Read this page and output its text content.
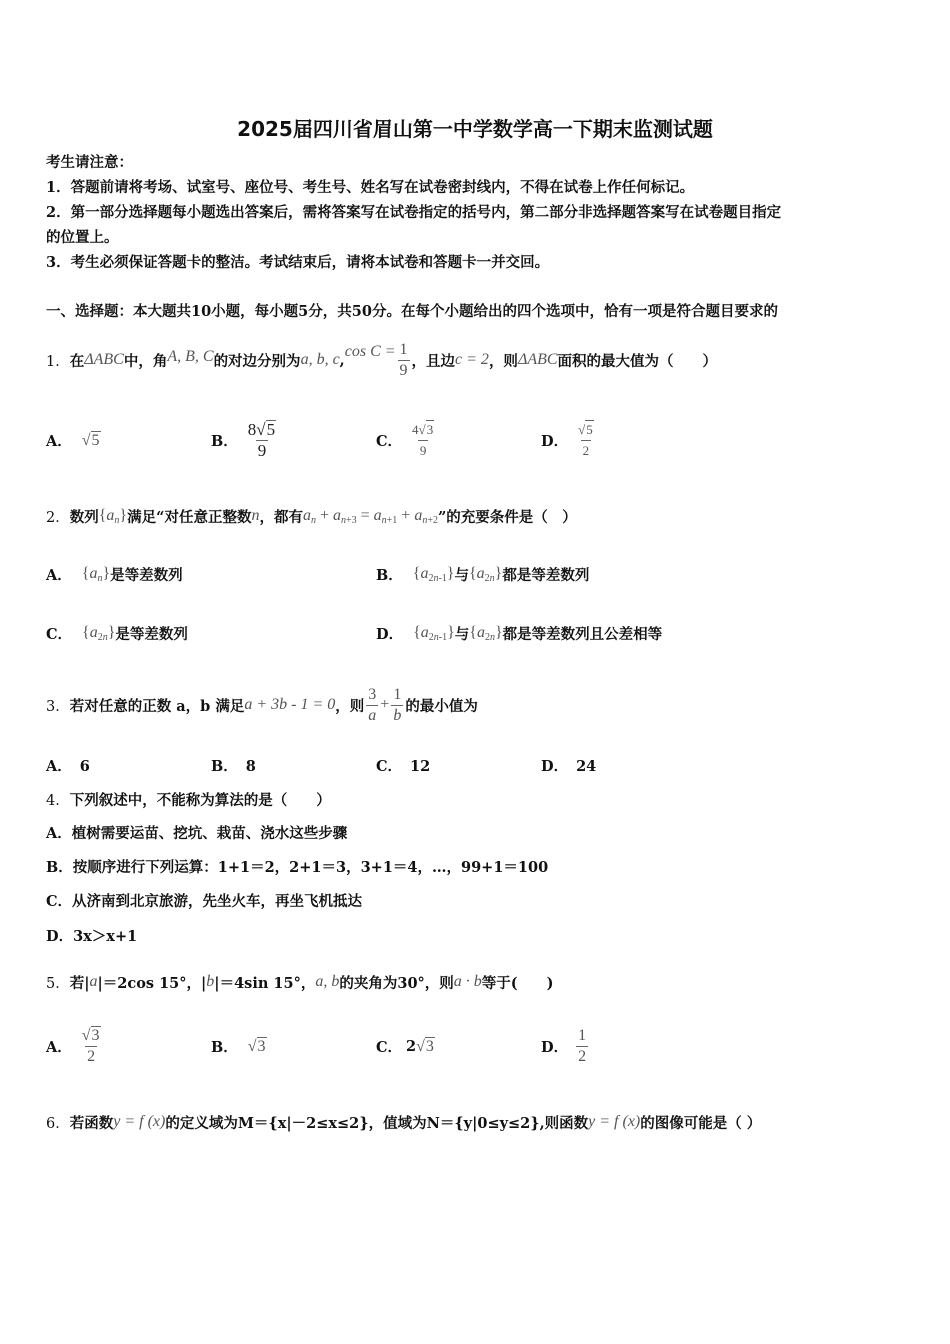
2025届四川省眉山第一中学数学高一下期末监测试题
考生请注意：
1．答题前请将考场、试室号、座位号、考生号、姓名写在试卷密封线内，不得在试卷上作任何标记。
2．第一部分选择题每小题选出答案后，需将答案写在试卷指定的括号内，第二部分非选择题答案写在试卷题目指定
的位置上。
3．考生必须保证答题卡的整洁。考试结束后，请将本试卷和答题卡一并交回。
一、选择题：本大题共10小题，每小题5分，共50分。在每个小题给出的四个选项中，恰有一项是符合题目要求的
1． 在 ΔABC 中，角 A, B, C 的对边分别为 a, b, c , $\cos C = \frac{1}{9}$ ，且边 c = 2 ，则 ΔABC 面积的最大值为（　　）
A． √5	B． $\frac{8√5}{9}$	C． $\frac{4√3}{9}$	D． $\frac{√5}{2}$
2． 数列 $\{a_n\}$ 满足“对任意正整数 n ，都有 $a_n + a_{n+3} = a_{n+1} + a_{n+2}$ ”的充要条件是（　）
A． $\{a_n\}$ 是等差数列	B． $\{a_{2n-1}\}$ 与 $\{a_{2n}\}$ 都是等差数列
C． $\{a_{2n}\}$ 是等差数列	D． $\{a_{2n-1}\}$ 与 $\{a_{2n}\}$ 都是等差数列且公差相等
3． 若对任意的正数 a，b 满足 a + 3b - 1 = 0 ，则 $\frac{3}{a} + \frac{1}{b}$ 的最小值为
A． 6	B． 8	C． 12	D． 24
4．下列叙述中，不能称为算法的是（　　）
A．植树需要运苗、挖坑、栽苗、浇水这些步骤
B．按顺序进行下列运算：1+1＝2，2+1＝3，3+1＝4，…，99+1＝100
C．从济南到北京旅游，先坐火车，再坐飞机抵达
D．3x＞x+1
5． 若| a |＝2cos 15°，| b |＝4sin 15°， a, b 的夹角为30°，则 a · b 等于(　　)
A． $\frac{√3}{2}$	B． √3	C． 2 √3	D． $\frac{1}{2}$
6． 若函数 y = f (x) 的定义域为M＝{x|－2≤x≤2}，值域为N＝{y|0≤y≤2},则函数 y = f (x) 的图像可能是（ ）
